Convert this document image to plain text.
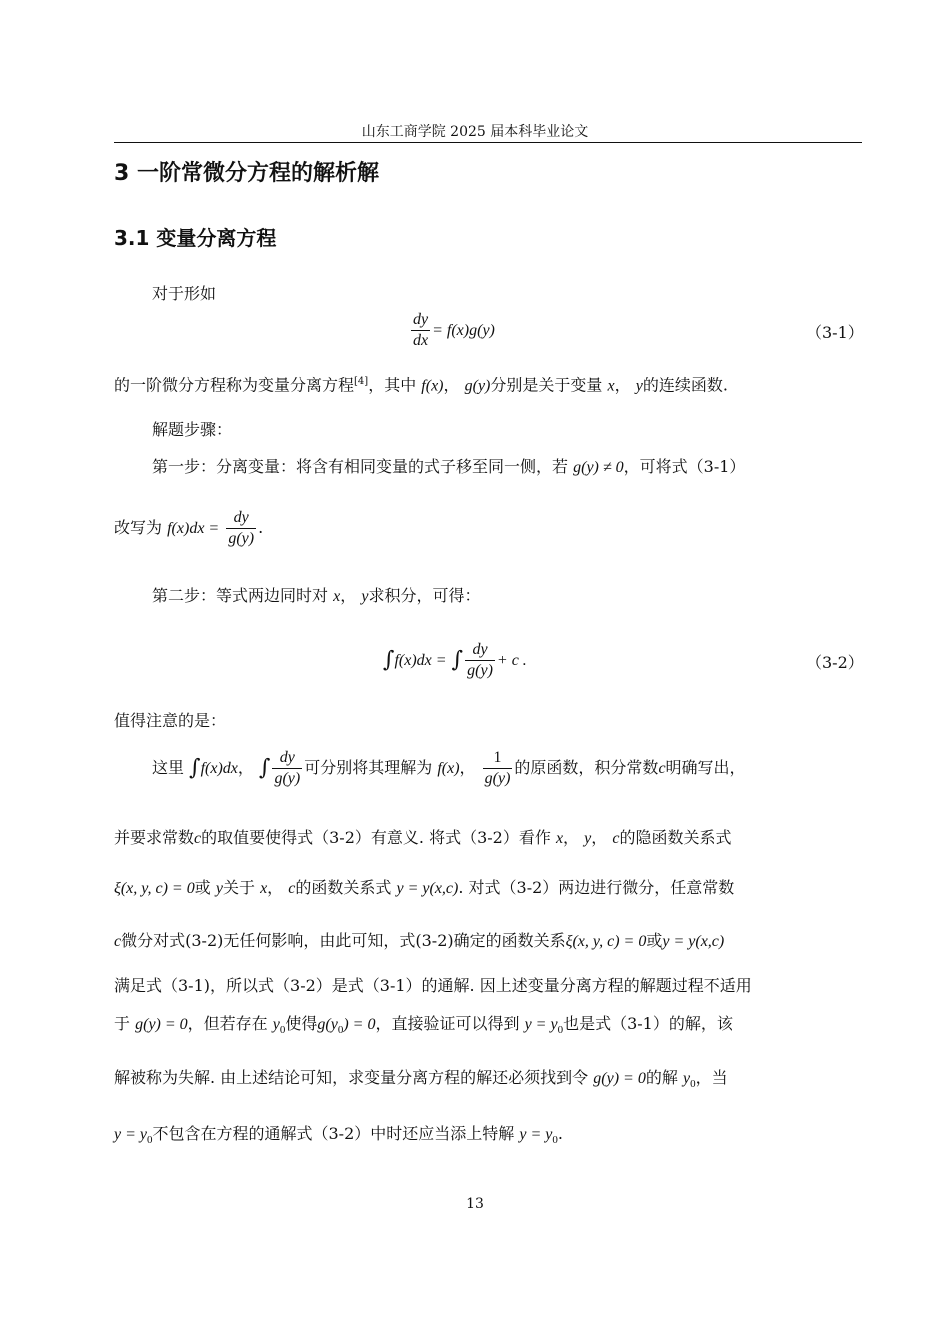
山东工商学院 2025 届本科毕业论文
3 一阶常微分方程的解析解
3.1 变量分离方程
对于形如
$\frac{dy}{dx} = f(x)g(y)$	（3-1）
的一阶微分方程称为变量分离方程[4]，其中 f(x)， g(y)分别是关于变量 x， y的连续函数.
解题步骤：
第一步：分离变量：将含有相同变量的式子移至同一侧，若 g(y) ≠ 0，可将式（3-1）
改写为 $f(x)dx = \frac{dy}{g(y)}$ .
第二步：等式两边同时对 x， y求积分，可得：
∫f(x)dx = ∫ $\frac{dy}{g(y)} + c$ .	（3-2）
值得注意的是：
这里 ∫f(x)dx， ∫ $\frac{dy}{g(y)}$ 可分别将其理解为 f(x)， $\frac{1}{g(y)}$ 的原函数，积分常数c明确写出，
并要求常数c的取值要使得式（3-2）有意义. 将式（3-2）看作 x， y， c的隐函数关系式
ξ(x, y, c) = 0或 y关于 x， c的函数关系式 y = y(x,c). 对式（3-2）两边进行微分，任意常数
c微分对式(3-2)无任何影响，由此可知，式(3-2)确定的函数关系ξ(x, y, c) = 0或y = y(x,c)
满足式（3-1)，所以式（3-2）是式（3-1）的通解. 因上述变量分离方程的解题过程不适用
于 g(y) = 0，但若存在 $y_0$使得$g(y_0) = 0$，直接验证可以得到 $y = y_0$也是式（3-1）的解，该
解被称为失解. 由上述结论可知，求变量分离方程的解还必须找到令 g(y) = 0的解 $y_0$，当
$y = y_0$不包含在方程的通解式（3-2）中时还应当添上特解 $y = y_0$.
13
